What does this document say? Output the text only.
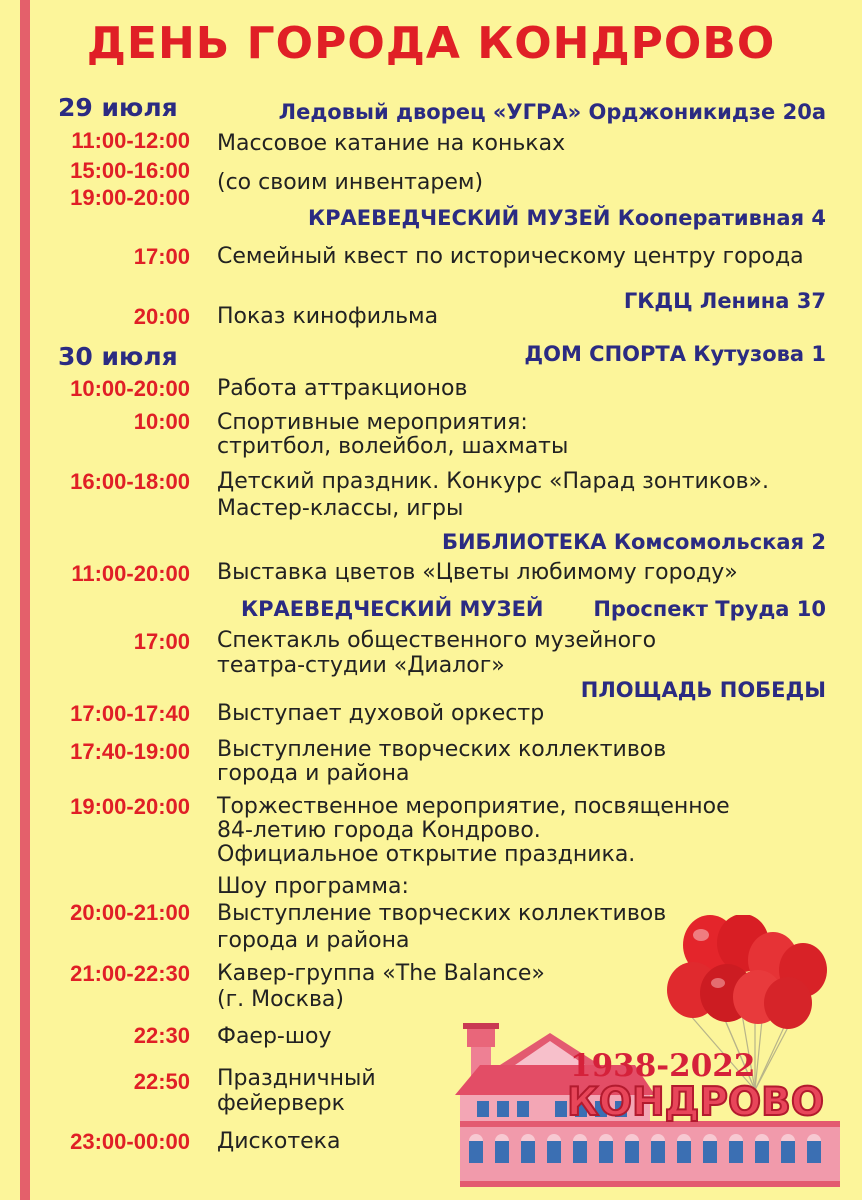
ДЕНЬ ГОРОДА КОНДРОВО
29 июля	Ледовый дворец «УГРА» Орджоникидзе 20а
11:00-12:00 Массовое катание на коньках
15:00-16:00
19:00-20:00
(со своим инвентарем)
КРАЕВЕДЧЕСКИЙ МУЗЕЙ Кооперативная 4
17:00 Семейный квест по историческому центру города
ГКДЦ Ленина 37
20:00 Показ кинофильма
30 июля	ДОМ СПОРТА Кутузова 1
10:00-20:00 Работа аттракционов
10:00 Спортивные мероприятия:
стритбол, волейбол, шахматы
16:00-18:00 Детский праздник. Конкурс «Парад зонтиков».
Мастер-классы, игры
БИБЛИОТЕКА Комсомольская 2
11:00-20:00 Выставка цветов «Цветы любимому городу»
КРАЕВЕДЧЕСКИЙ МУЗЕЙ Проспект Труда 10
17:00 Спектакль общественного музейного
театра-студии «Диалог»
ПЛОЩАДЬ ПОБЕДЫ
17:00-17:40 Выступает духовой оркестр
17:40-19:00 Выступление творческих коллективов
города и района
19:00-20:00 Торжественное мероприятие, посвященное
84-летию города Кондрово.
Официальное открытие праздника.
Шоу программа:
20:00-21:00 Выступление творческих коллективов
города и района
21:00-22:30 Кавер-группа «The Balance»
(г. Москва)
22:30 Фаер-шоу
22:50 Праздничный
фейерверк
23:00-00:00 Дискотека
1938-2022
КОНДРОВО
